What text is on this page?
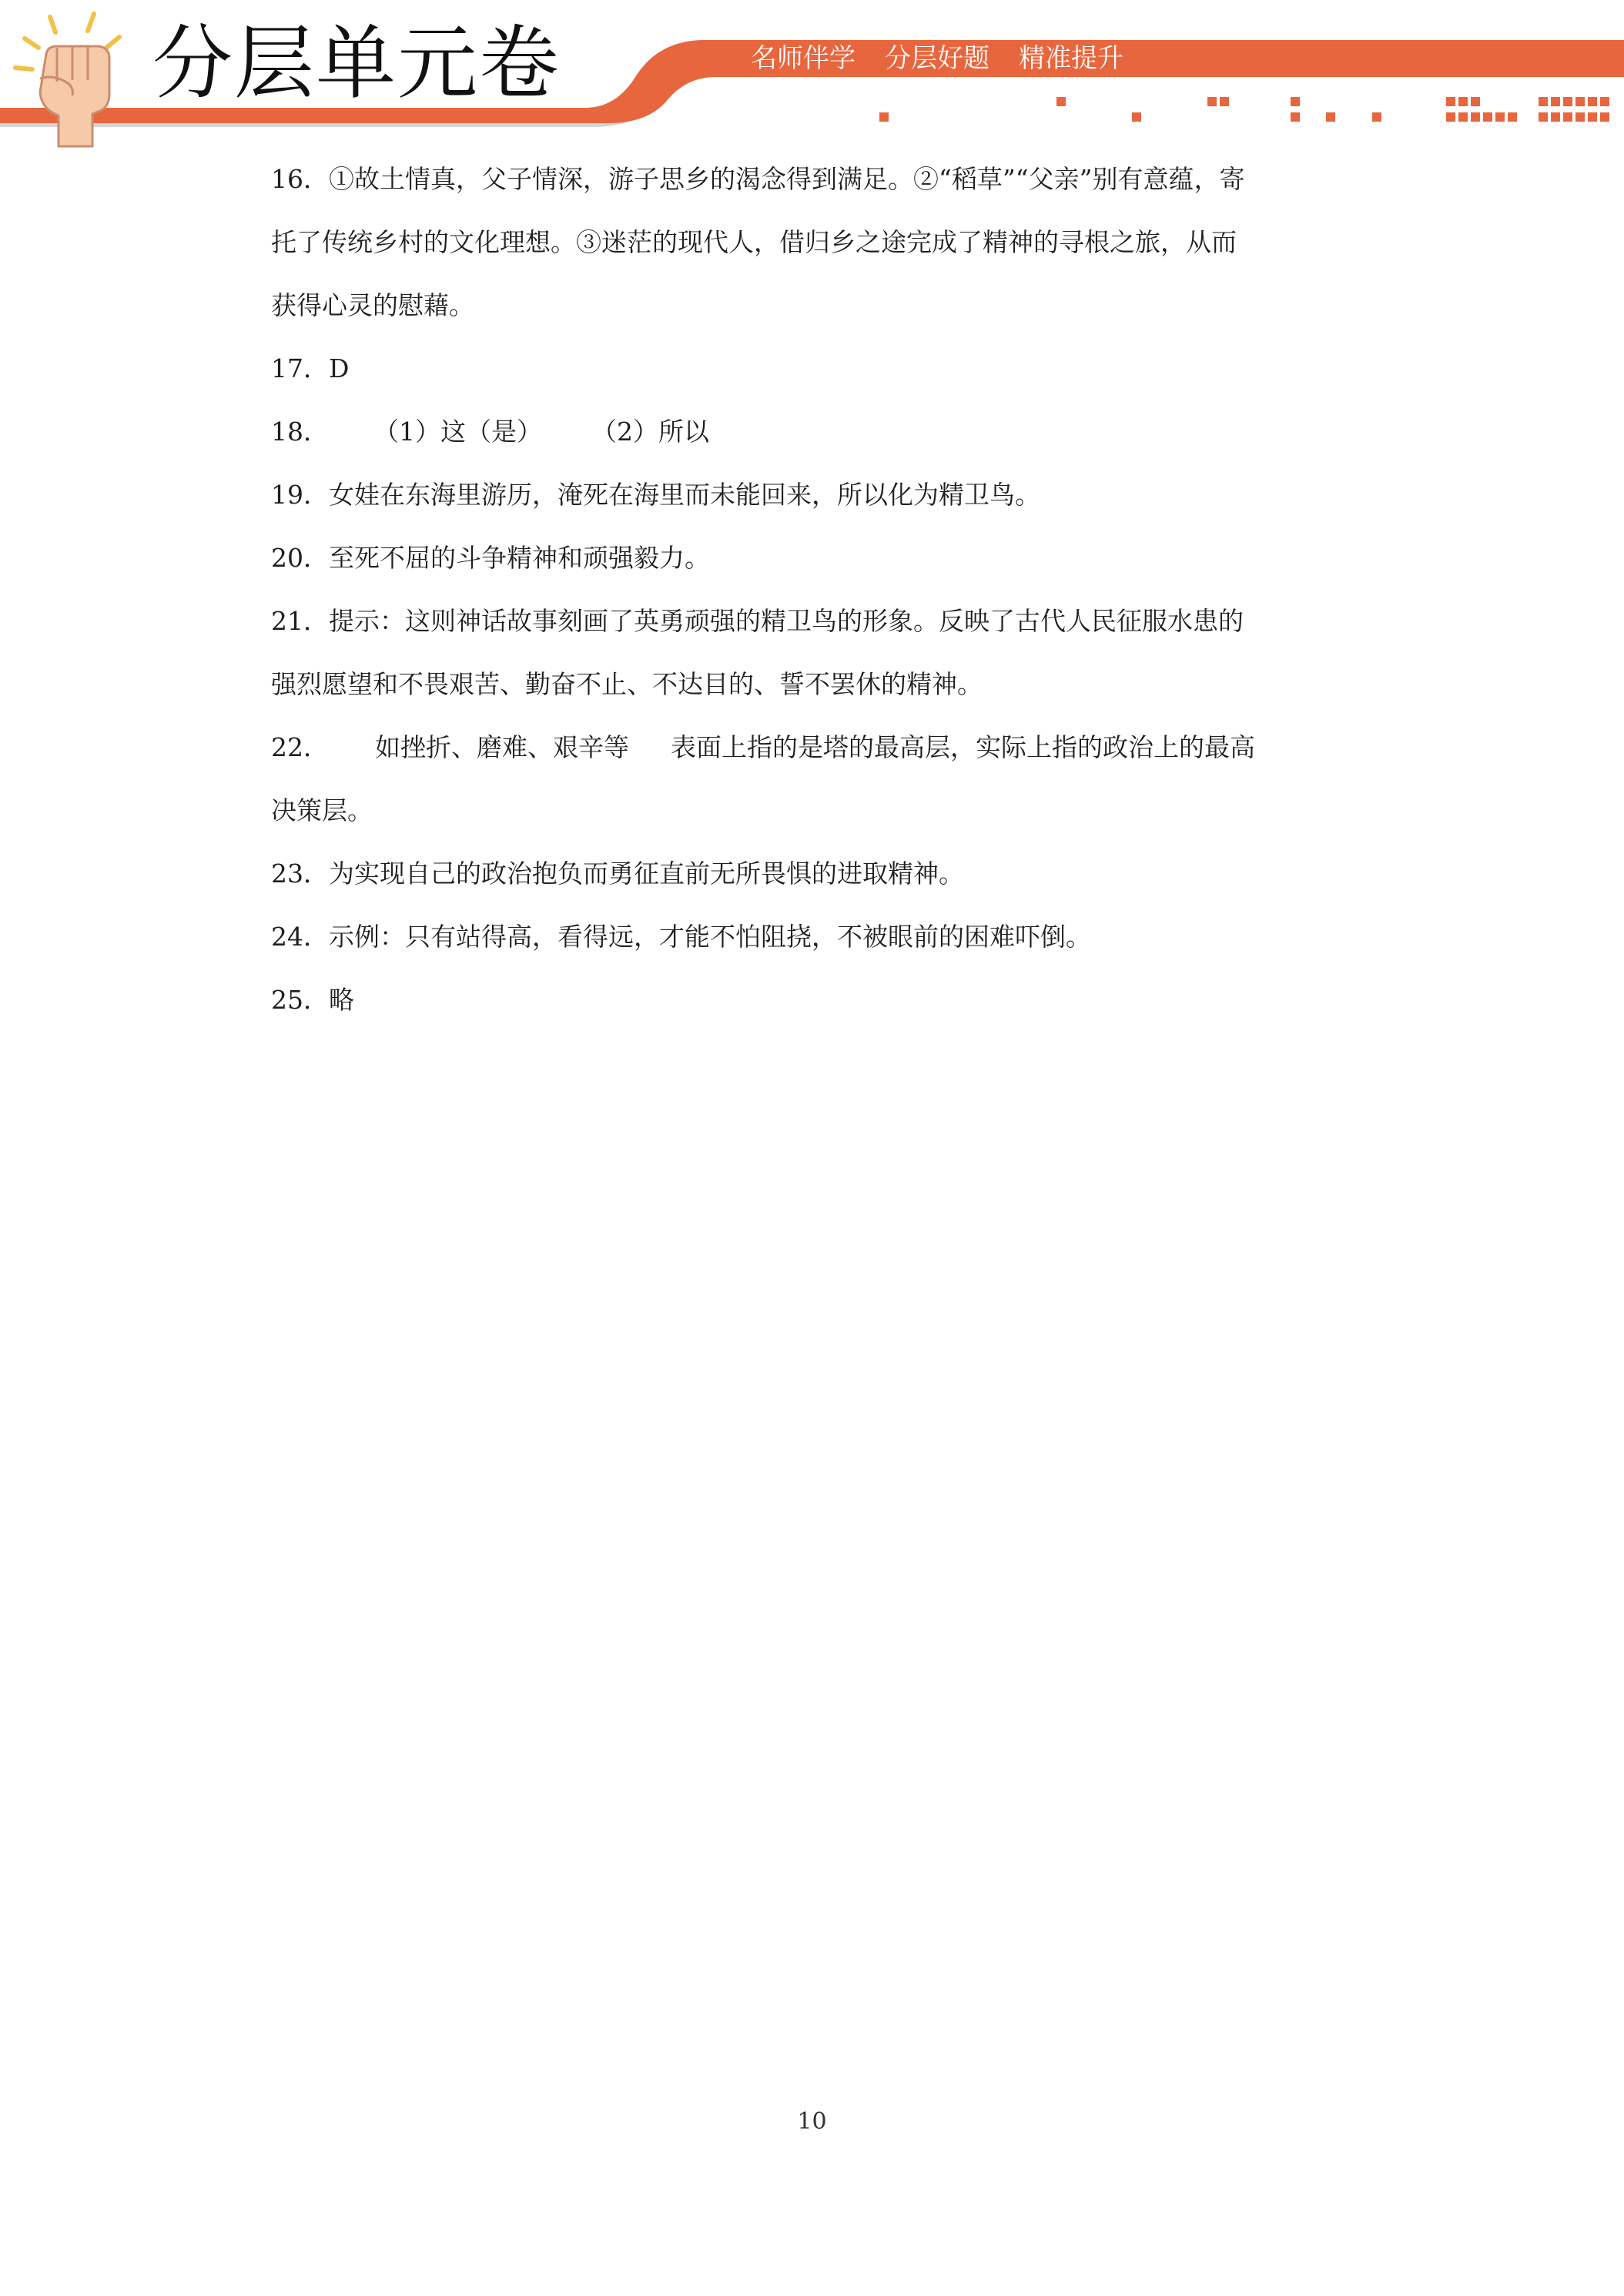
分层单元卷	名师伴学 分层好题 精准提升
16．①故土情真，父子情深，游子思乡的渴念得到满足。②“稻草”“父亲”别有意蕴，寄
托了传统乡村的文化理想。③迷茫的现代人，借归乡之途完成了精神的寻根之旅，从而
获得心灵的慰藉。
17．D
18． （1）这（是） （2）所以
19．女娃在东海里游历，淹死在海里而未能回来，所以化为精卫鸟。
20．至死不屈的斗争精神和顽强毅力。
21．提示：这则神话故事刻画了英勇顽强的精卫鸟的形象。反映了古代人民征服水患的
强烈愿望和不畏艰苦、勤奋不止、不达目的、誓不罢休的精神。
22． 如挫折、磨难、艰辛等 表面上指的是塔的最高层，实际上指的政治上的最高
决策层。
23．为实现自己的政治抱负而勇征直前无所畏惧的进取精神。
24．示例：只有站得高，看得远，才能不怕阻挠，不被眼前的困难吓倒。
25．略
10
